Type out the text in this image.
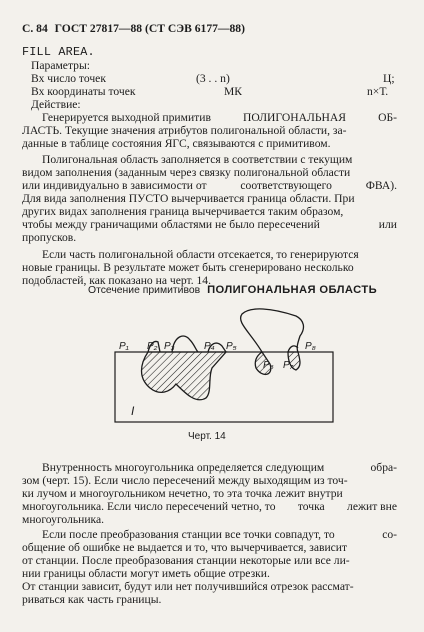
С. 84 ГОСТ 27817—88 (СТ СЭВ 6177—88)
FILL AREA.
Параметры:
Вх число точек	(3 . . n)	Ц;
Вх координаты точек	МК	n×Т.
Действие:
Генерируется выходной примитив	ПОЛИГОНАЛЬНАЯ	ОБ-
ЛАСТЬ. Текущие значения атрибутов полигональной области, за-
данные в таблице состояния ЯГС, связываются с примитивом.
Полигональная область заполняется в соответствии с текущим
видом заполнения (заданным через связку полигональной области
или индивидуально в зависимости от	соответствующего	ФВА).
Для вида заполнения ПУСТО вычерчивается граница области. При
других видах заполнения граница вычерчивается таким образом,
чтобы между граничащими областями не было пересечений	или
пропусков.
Если часть полигональной области отсекается, то генерируются
новые границы. В результате может быть сгенерировано несколько
подобластей, как показано на черт. 14.
Отсечение примитивов ПОЛИГОНАЛЬНАЯ ОБЛАСТЬ
P₁ P₂ P₃	P₄ P₅
P₆ P₇
P₈
I
Черт. 14
Внутренность многоугольника определяется следующим	обра-
зом (черт. 15). Если число пересечений между выходящим из точ-
ки лучом и многоугольником нечетно, то эта точка лежит внутри
многоугольника. Если число пересечений четно, то точка лежит вне
многоугольника.
Если после преобразования станции все точки совпадут, то	со-
общение об ошибке не выдается и то, что вычерчивается, зависит
от станции. После преобразования станции некоторые или все ли-
нии границы области могут иметь общие отрезки.
От станции зависит, будут или нет получившийся отрезок рассмат-
риваться как часть границы.
